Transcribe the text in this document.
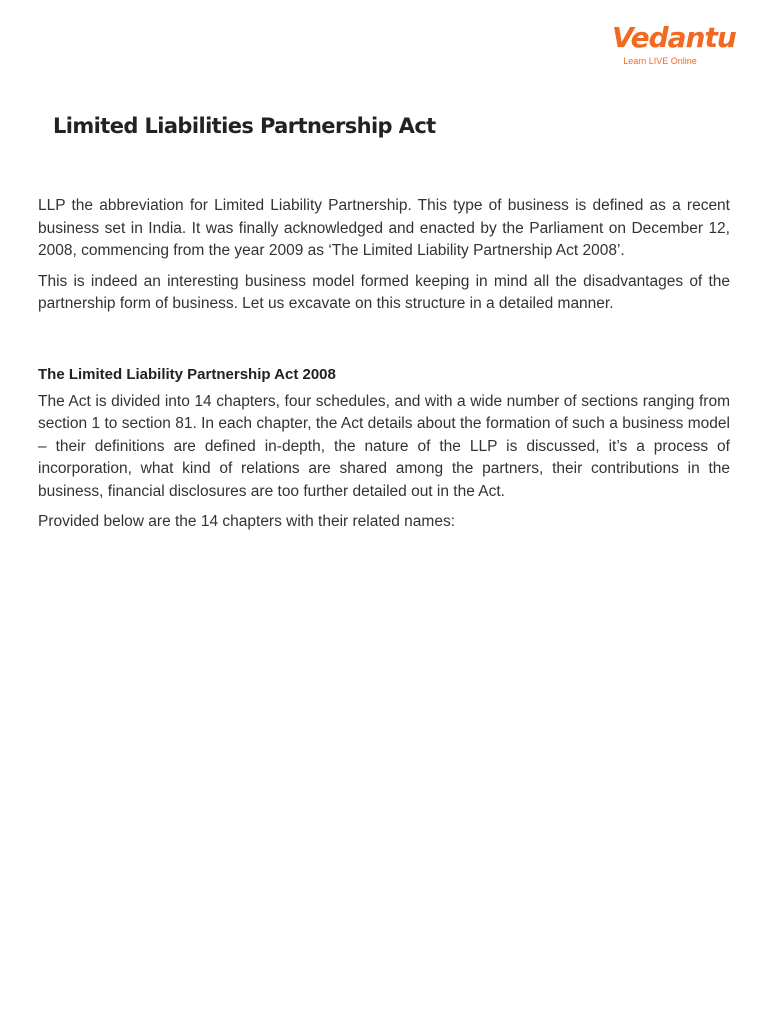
Vedantu
Learn LIVE Online
Limited Liabilities Partnership Act

LLP the abbreviation for Limited Liability Partnership. This type of business is defined as a recent business set in India. It was finally acknowledged and enacted by the Parliament on December 12, 2008, commencing from the year 2009 as ‘The Limited Liability Partnership Act 2008’.

This is indeed an interesting business model formed keeping in mind all the disadvantages of the partnership form of business. Let us excavate on this structure in a detailed manner.

The Limited Liability Partnership Act 2008

The Act is divided into 14 chapters, four schedules, and with a wide number of sections ranging from section 1 to section 81. In each chapter, the Act details about the formation of such a business model – their definitions are defined in-depth, the nature of the LLP is discussed, it’s a process of incorporation, what kind of relations are shared among the partners, their contributions in the business, financial disclosures are too further detailed out in the Act.

Provided below are the 14 chapters with their related names:
